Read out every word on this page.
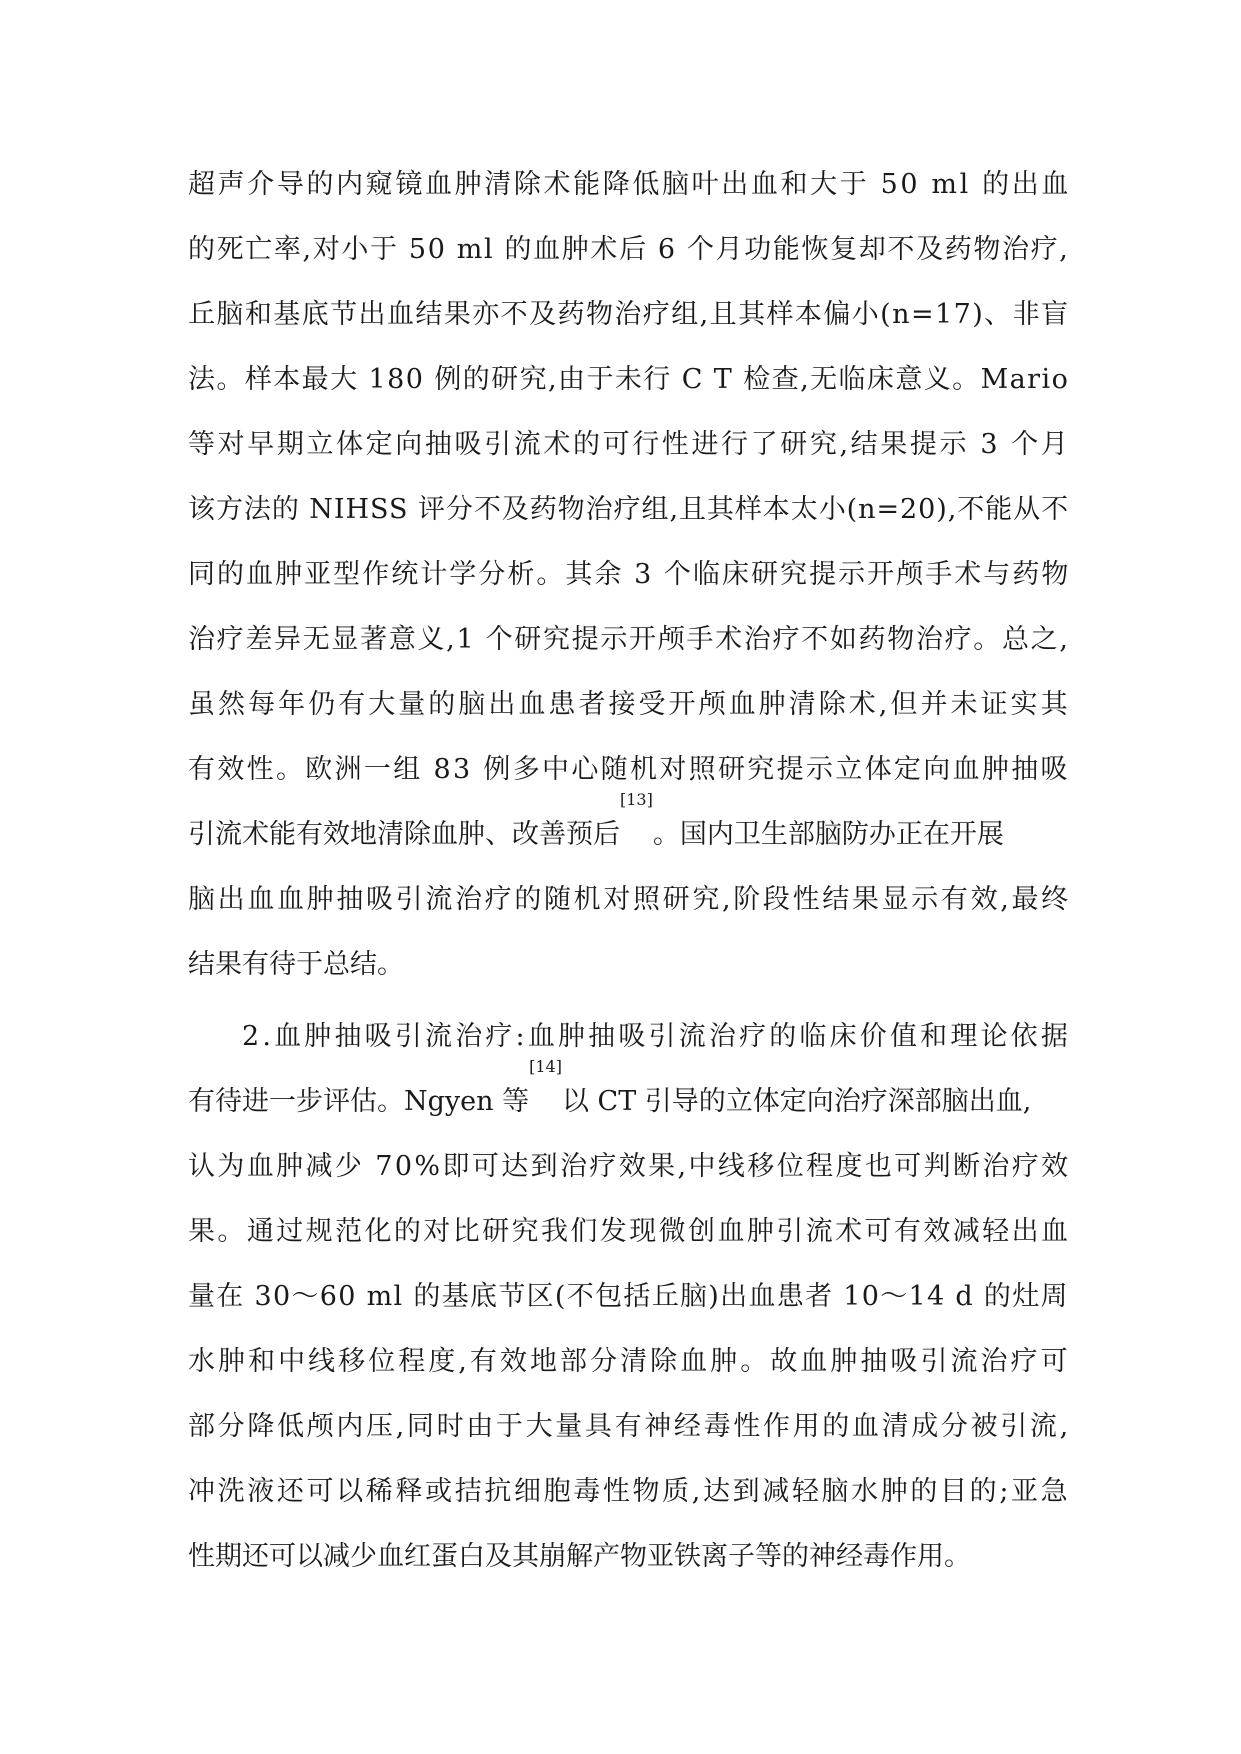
超声介导的内窥镜血肿清除术能降低脑叶出血和大于 50 ml 的出血
的死亡率,对小于 50 ml 的血肿术后 6 个月功能恢复却不及药物治疗,
丘脑和基底节出血结果亦不及药物治疗组,且其样本偏小(n=17)、非盲
法。样本最大 180 例的研究,由于未行 C T 检查,无临床意义。Mario
等对早期立体定向抽吸引流术的可行性进行了研究,结果提示 3 个月
该方法的 NIHSS 评分不及药物治疗组,且其样本太小(n=20),不能从不
同的血肿亚型作统计学分析。其余 3 个临床研究提示开颅手术与药物
治疗差异无显著意义,1 个研究提示开颅手术治疗不如药物治疗。总之,
虽然每年仍有大量的脑出血患者接受开颅血肿清除术,但并未证实其
有效性。欧洲一组 83 例多中心随机对照研究提示立体定向血肿抽吸
引流术能有效地清除血肿、改善预后
[13]
。国内卫生部脑防办正在开展
脑出血血肿抽吸引流治疗的随机对照研究,阶段性结果显示有效,最终
结果有待于总结。
2.血肿抽吸引流治疗:血肿抽吸引流治疗的临床价值和理论依据
有待进一步评估。Ngyen 等
[14]
以 CT 引导的立体定向治疗深部脑出血,
认为血肿减少 70%即可达到治疗效果,中线移位程度也可判断治疗效
果。通过规范化的对比研究我们发现微创血肿引流术可有效减轻出血
量在 30～60 ml 的基底节区(不包括丘脑)出血患者 10～14 d 的灶周
水肿和中线移位程度,有效地部分清除血肿。故血肿抽吸引流治疗可
部分降低颅内压,同时由于大量具有神经毒性作用的血清成分被引流,
冲洗液还可以稀释或拮抗细胞毒性物质,达到减轻脑水肿的目的;亚急
性期还可以减少血红蛋白及其崩解产物亚铁离子等的神经毒作用。
